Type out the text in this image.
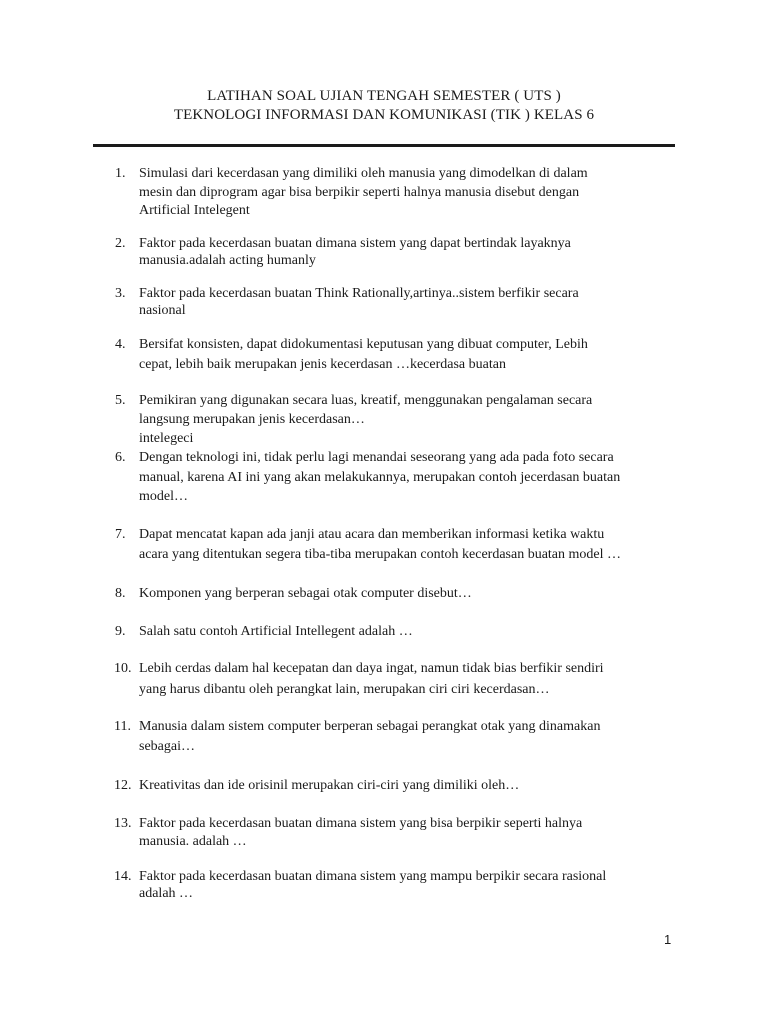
LATIHAN SOAL UJIAN TENGAH SEMESTER ( UTS )
TEKNOLOGI INFORMASI DAN KOMUNIKASI (TIK ) KELAS 6
1. Simulasi dari kecerdasan yang dimiliki oleh manusia yang dimodelkan di dalam
mesin dan diprogram agar bisa berpikir seperti halnya manusia disebut dengan
Artificial Intelegent
2. Faktor pada kecerdasan buatan dimana sistem yang dapat bertindak layaknya
manusia.adalah acting humanly
3. Faktor pada kecerdasan buatan Think Rationally,artinya..sistem berfikir secara
nasional
4. Bersifat konsisten, dapat didokumentasi keputusan yang dibuat computer, Lebih
cepat, lebih baik merupakan jenis kecerdasan …kecerdasa buatan
5. Pemikiran yang digunakan secara luas, kreatif, menggunakan pengalaman secara
langsung merupakan jenis kecerdasan…
intelegeci
6. Dengan teknologi ini, tidak perlu lagi menandai seseorang yang ada pada foto secara
manual, karena AI ini yang akan melakukannya, merupakan contoh jecerdasan buatan
model…
7. Dapat mencatat kapan ada janji atau acara dan memberikan informasi ketika waktu
acara yang ditentukan segera tiba-tiba merupakan contoh kecerdasan buatan model …
8. Komponen yang berperan sebagai otak computer disebut…
9. Salah satu contoh Artificial Intellegent adalah …
10. Lebih cerdas dalam hal kecepatan dan daya ingat, namun tidak bias berfikir sendiri
yang harus dibantu oleh perangkat lain, merupakan ciri ciri kecerdasan…
11. Manusia dalam sistem computer berperan sebagai perangkat otak yang dinamakan
sebagai…
12. Kreativitas dan ide orisinil merupakan ciri-ciri yang dimiliki oleh…
13. Faktor pada kecerdasan buatan dimana sistem yang bisa berpikir seperti halnya
manusia. adalah …
14. Faktor pada kecerdasan buatan dimana sistem yang mampu berpikir secara rasional
adalah …
1
